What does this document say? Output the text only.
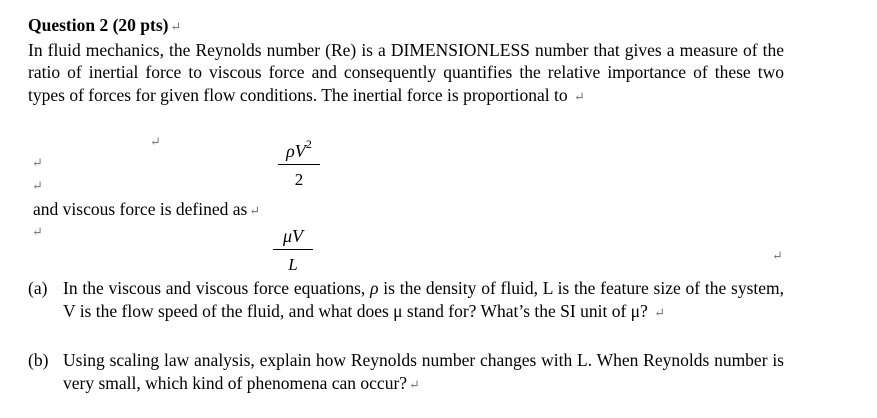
Question 2 (20 pts) ↵
In fluid mechanics, the Reynolds number (Re) is a DIMENSIONLESS number that gives a measure of the ratio of inertial force to viscous force and consequently quantifies the relative importance of these two types of forces for given flow conditions. The inertial force is proportional to ↵
↵	$\rho V^2$
2
↵
↵
and viscous force is defined as ↵
↵	μV
L	↵
(a) In the viscous and viscous force equations, ρ is the density of fluid, L is the feature size of the system, V is the flow speed of the fluid, and what does μ stand for? What’s the SI unit of μ? ↵
(b) Using scaling law analysis, explain how Reynolds number changes with L. When Reynolds number is very small, which kind of phenomena can occur? ↵
